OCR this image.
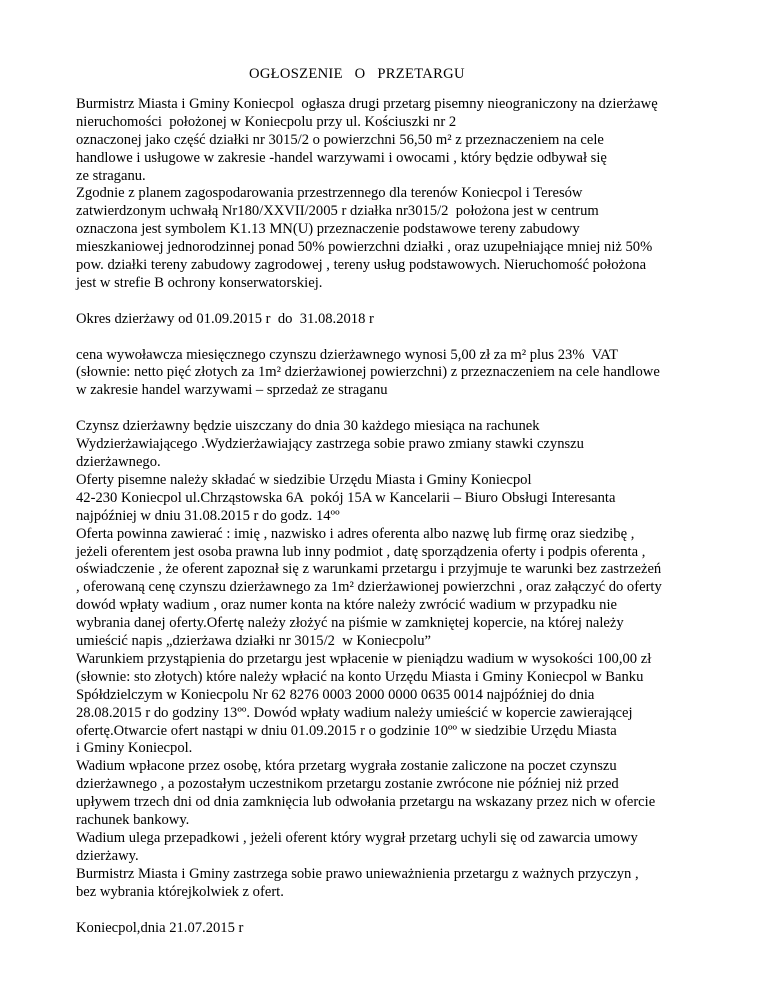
OGŁOSZENIE   O   PRZETARGU
Burmistrz Miasta i Gminy Koniecpol  ogłasza drugi przetarg pisemny nieograniczony na dzierżawę
nieruchomości  położonej w Koniecpolu przy ul. Kościuszki nr 2
oznaczonej jako część działki nr 3015/2 o powierzchni 56,50 m² z przeznaczeniem na cele
handlowe i usługowe w zakresie -handel warzywami i owocami , który będzie odbywał się
ze straganu.
Zgodnie z planem zagospodarowania przestrzennego dla terenów Koniecpol i Teresów
zatwierdzonym uchwałą Nr180/XXVII/2005 r działka nr3015/2  położona jest w centrum
oznaczona jest symbolem K1.13 MN(U) przeznaczenie podstawowe tereny zabudowy
mieszkaniowej jednorodzinnej ponad 50% powierzchni działki , oraz uzupełniające mniej niż 50%
pow. działki tereny zabudowy zagrodowej , tereny usług podstawowych. Nieruchomość położona
jest w strefie B ochrony konserwatorskiej.
Okres dzierżawy od 01.09.2015 r  do  31.08.2018 r
cena wywoławcza miesięcznego czynszu dzierżawnego wynosi 5,00 zł za m² plus 23%  VAT
(słownie: netto pięć złotych za 1m² dzierżawionej powierzchni) z przeznaczeniem na cele handlowe
w zakresie handel warzywami – sprzedaż ze straganu
Czynsz dzierżawny będzie uiszczany do dnia 30 każdego miesiąca na rachunek
Wydzierżawiającego .Wydzierżawiający zastrzega sobie prawo zmiany stawki czynszu
dzierżawnego.
Oferty pisemne należy składać w siedzibie Urzędu Miasta i Gminy Koniecpol
42-230 Koniecpol ul.Chrząstowska 6A  pokój 15A w Kancelarii – Biuro Obsługi Interesanta
najpóźniej w dniu 31.08.2015 r do godz. 14ºº
Oferta powinna zawierać : imię , nazwisko i adres oferenta albo nazwę lub firmę oraz siedzibę ,
jeżeli oferentem jest osoba prawna lub inny podmiot , datę sporządzenia oferty i podpis oferenta ,
oświadczenie , że oferent zapoznał się z warunkami przetargu i przyjmuje te warunki bez zastrzeżeń
, oferowaną cenę czynszu dzierżawnego za 1m² dzierżawionej powierzchni , oraz załączyć do oferty
dowód wpłaty wadium , oraz numer konta na które należy zwrócić wadium w przypadku nie
wybrania danej oferty.Ofertę należy złożyć na piśmie w zamkniętej kopercie, na której należy
umieścić napis „dzierżawa działki nr 3015/2  w Koniecpolu”
Warunkiem przystąpienia do przetargu jest wpłacenie w pieniądzu wadium w wysokości 100,00 zł
(słownie: sto złotych) które należy wpłacić na konto Urzędu Miasta i Gminy Koniecpol w Banku
Spółdzielczym w Koniecpolu Nr 62 8276 0003 2000 0000 0635 0014 najpóźniej do dnia
28.08.2015 r do godziny 13ºº. Dowód wpłaty wadium należy umieścić w kopercie zawierającej
ofertę.Otwarcie ofert nastąpi w dniu 01.09.2015 r o godzinie 10ºº w siedzibie Urzędu Miasta
i Gminy Koniecpol.
Wadium wpłacone przez osobę, która przetarg wygrała zostanie zaliczone na poczet czynszu
dzierżawnego , a pozostałym uczestnikom przetargu zostanie zwrócone nie później niż przed
upływem trzech dni od dnia zamknięcia lub odwołania przetargu na wskazany przez nich w ofercie
rachunek bankowy.
Wadium ulega przepadkowi , jeżeli oferent który wygrał przetarg uchyli się od zawarcia umowy
dzierżawy.
Burmistrz Miasta i Gminy zastrzega sobie prawo unieważnienia przetargu z ważnych przyczyn ,
bez wybrania którejkolwiek z ofert.
Koniecpol,dnia 21.07.2015 r
